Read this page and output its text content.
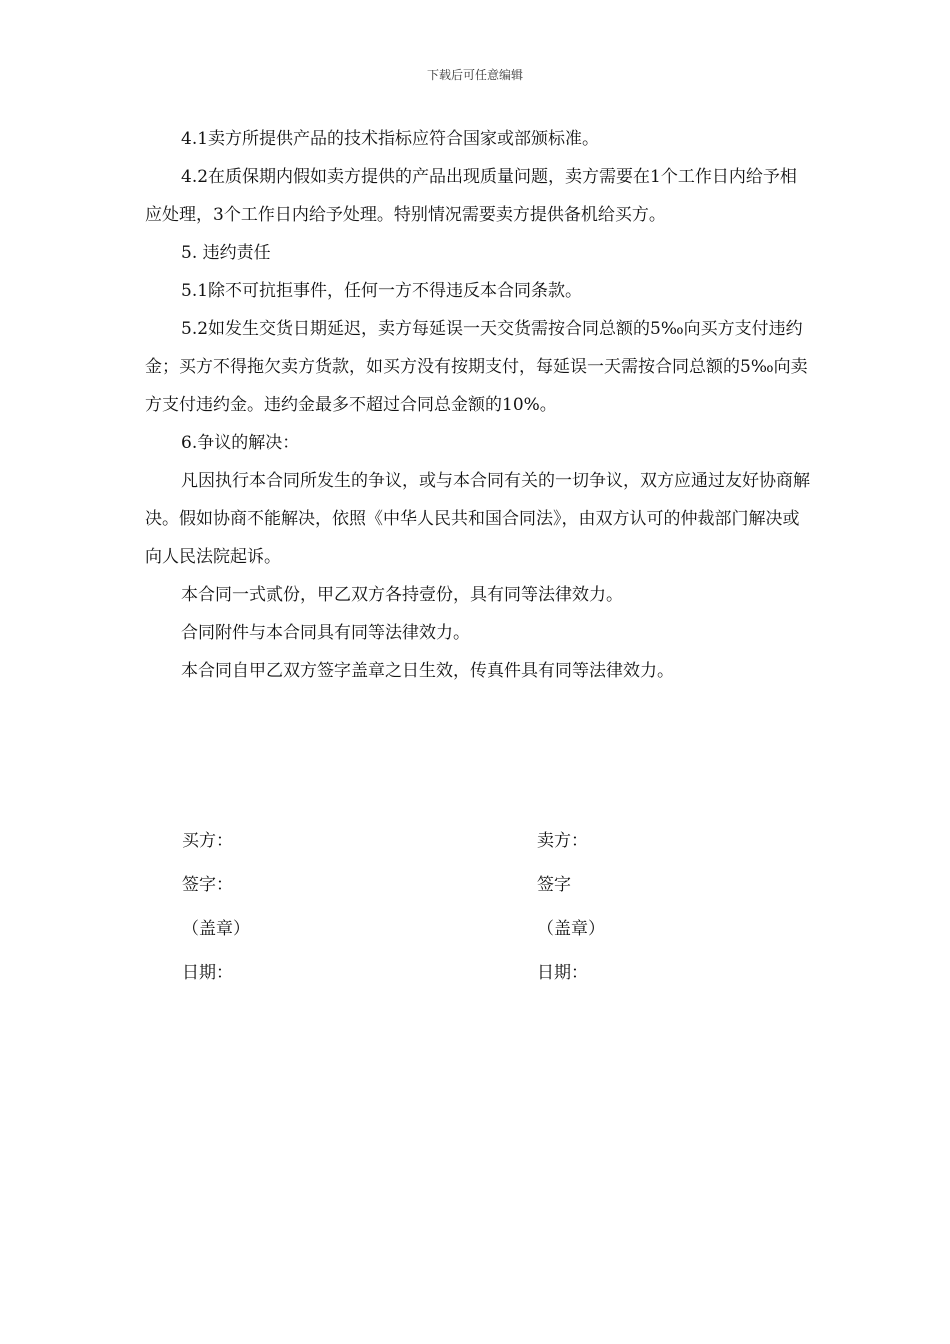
下载后可任意编辑

4.1卖方所提供产品的技术指标应符合国家或部颁标准。

4.2在质保期内假如卖方提供的产品出现质量问题，卖方需要在1个工作日内给予相应处理，3个工作日内给予处理。特别情况需要卖方提供备机给买方。

5. 违约责任

5.1除不可抗拒事件，任何一方不得违反本合同条款。

5.2如发生交货日期延迟，卖方每延误一天交货需按合同总额的5‰向买方支付违约金；买方不得拖欠卖方货款，如买方没有按期支付，每延误一天需按合同总额的5‰向卖方支付违约金。违约金最多不超过合同总金额的10%。

6.争议的解决：

凡因执行本合同所发生的争议，或与本合同有关的一切争议，双方应通过友好协商解决。假如协商不能解决，依照《中华人民共和国合同法》，由双方认可的仲裁部门解决或向人民法院起诉。

本合同一式贰份，甲乙双方各持壹份，具有同等法律效力。

合同附件与本合同具有同等法律效力。

本合同自甲乙双方签字盖章之日生效，传真件具有同等法律效力。

买方：	卖方：
签字：	签字
（盖章）	（盖章）
日期：	日期：
